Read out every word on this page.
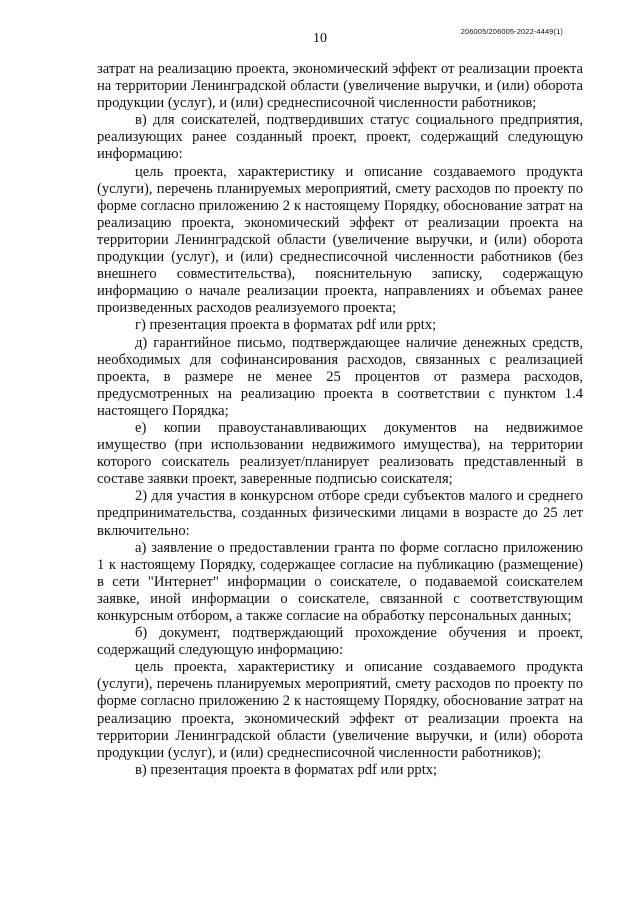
10	206005/206005-2022-4449(1)

затрат на реализацию проекта, экономический эффект от реализации проекта на территории Ленинградской области (увеличение выручки, и (или) оборота продукции (услуг), и (или) среднесписочной численности работников;

в) для соискателей, подтвердивших статус социального предприятия, реализующих ранее созданный проект, проект, содержащий следующую информацию:

цель проекта, характеристику и описание создаваемого продукта (услуги), перечень планируемых мероприятий, смету расходов по проекту по форме согласно приложению 2 к настоящему Порядку, обоснование затрат на реализацию проекта, экономический эффект от реализации проекта на территории Ленинградской области (увеличение выручки, и (или) оборота продукции (услуг), и (или) среднесписочной численности работников (без внешнего совместительства), пояснительную записку, содержащую информацию о начале реализации проекта, направлениях и объемах ранее произведенных расходов реализуемого проекта;

г) презентация проекта в форматах pdf или pptx;

д) гарантийное письмо, подтверждающее наличие денежных средств, необходимых для софинансирования расходов, связанных с реализацией проекта, в размере не менее 25 процентов от размера расходов, предусмотренных на реализацию проекта в соответствии с пунктом 1.4 настоящего Порядка;

е) копии правоустанавливающих документов на недвижимое имущество (при использовании недвижимого имущества), на территории которого соискатель реализует/планирует реализовать представленный в составе заявки проект, заверенные подписью соискателя;

2) для участия в конкурсном отборе среди субъектов малого и среднего предпринимательства, созданных физическими лицами в возрасте до 25 лет включительно:

а) заявление о предоставлении гранта по форме согласно приложению 1 к настоящему Порядку, содержащее согласие на публикацию (размещение) в сети "Интернет" информации о соискателе, о подаваемой соискателем заявке, иной информации о соискателе, связанной с соответствующим конкурсным отбором, а также согласие на обработку персональных данных;

б) документ, подтверждающий прохождение обучения и проект, содержащий следующую информацию:

цель проекта, характеристику и описание создаваемого продукта (услуги), перечень планируемых мероприятий, смету расходов по проекту по форме согласно приложению 2 к настоящему Порядку, обоснование затрат на реализацию проекта, экономический эффект от реализации проекта на территории Ленинградской области (увеличение выручки, и (или) оборота продукции (услуг), и (или) среднесписочной численности работников);

в) презентация проекта в форматах pdf или pptx;
